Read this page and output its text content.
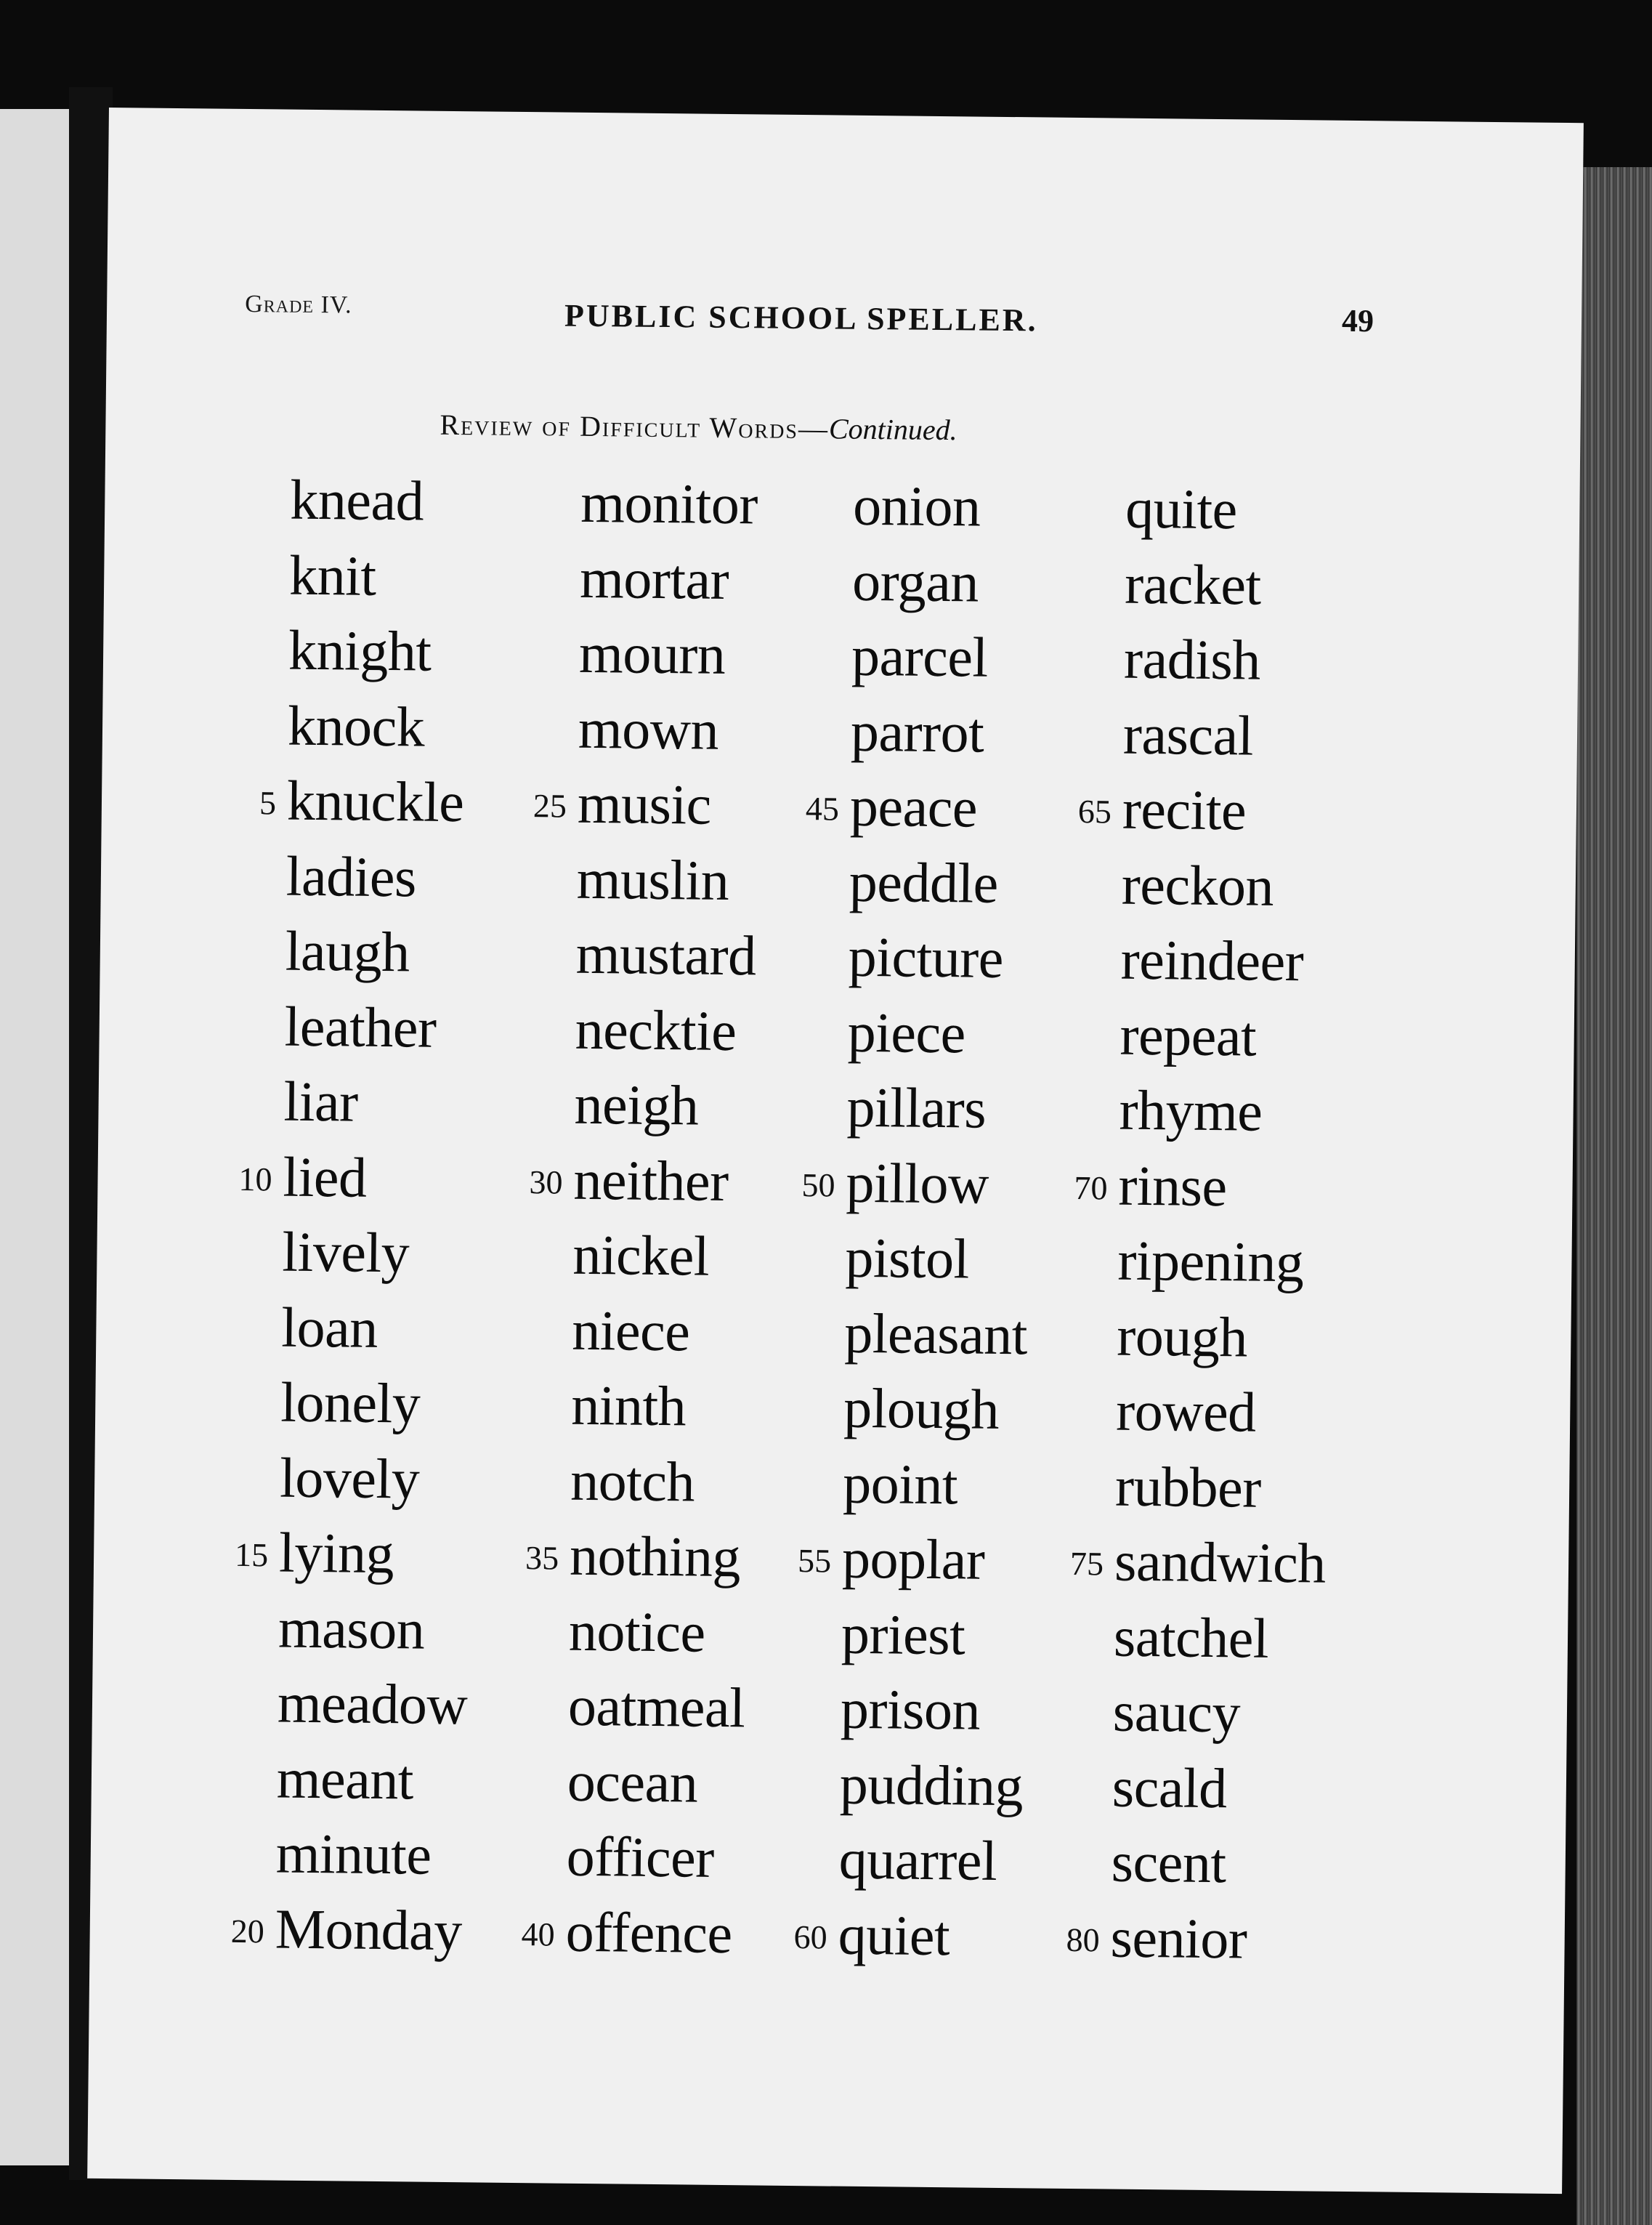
Grade IV.	PUBLIC SCHOOL SPELLER.	49
Review of Difficult Words—Continued.
knead
knit
knight
knock
5 knuckle
ladies
laugh
leather
liar
10 lied
lively
loan
lonely
lovely
15 lying
mason
meadow
meant
minute
20 Monday
monitor
mortar
mourn
mown
25 music
muslin
mustard
necktie
neigh
30 neither
nickel
niece
ninth
notch
35 nothing
notice
oatmeal
ocean
officer
40 offence
onion
organ
parcel
parrot
45 peace
peddle
picture
piece
pillars
50 pillow
pistol
pleasant
plough
point
55 poplar
priest
prison
pudding
quarrel
60 quiet
quite
racket
radish
rascal
65 recite
reckon
reindeer
repeat
rhyme
70 rinse
ripening
rough
rowed
rubber
75 sandwich
satchel
saucy
scald
scent
80 senior
